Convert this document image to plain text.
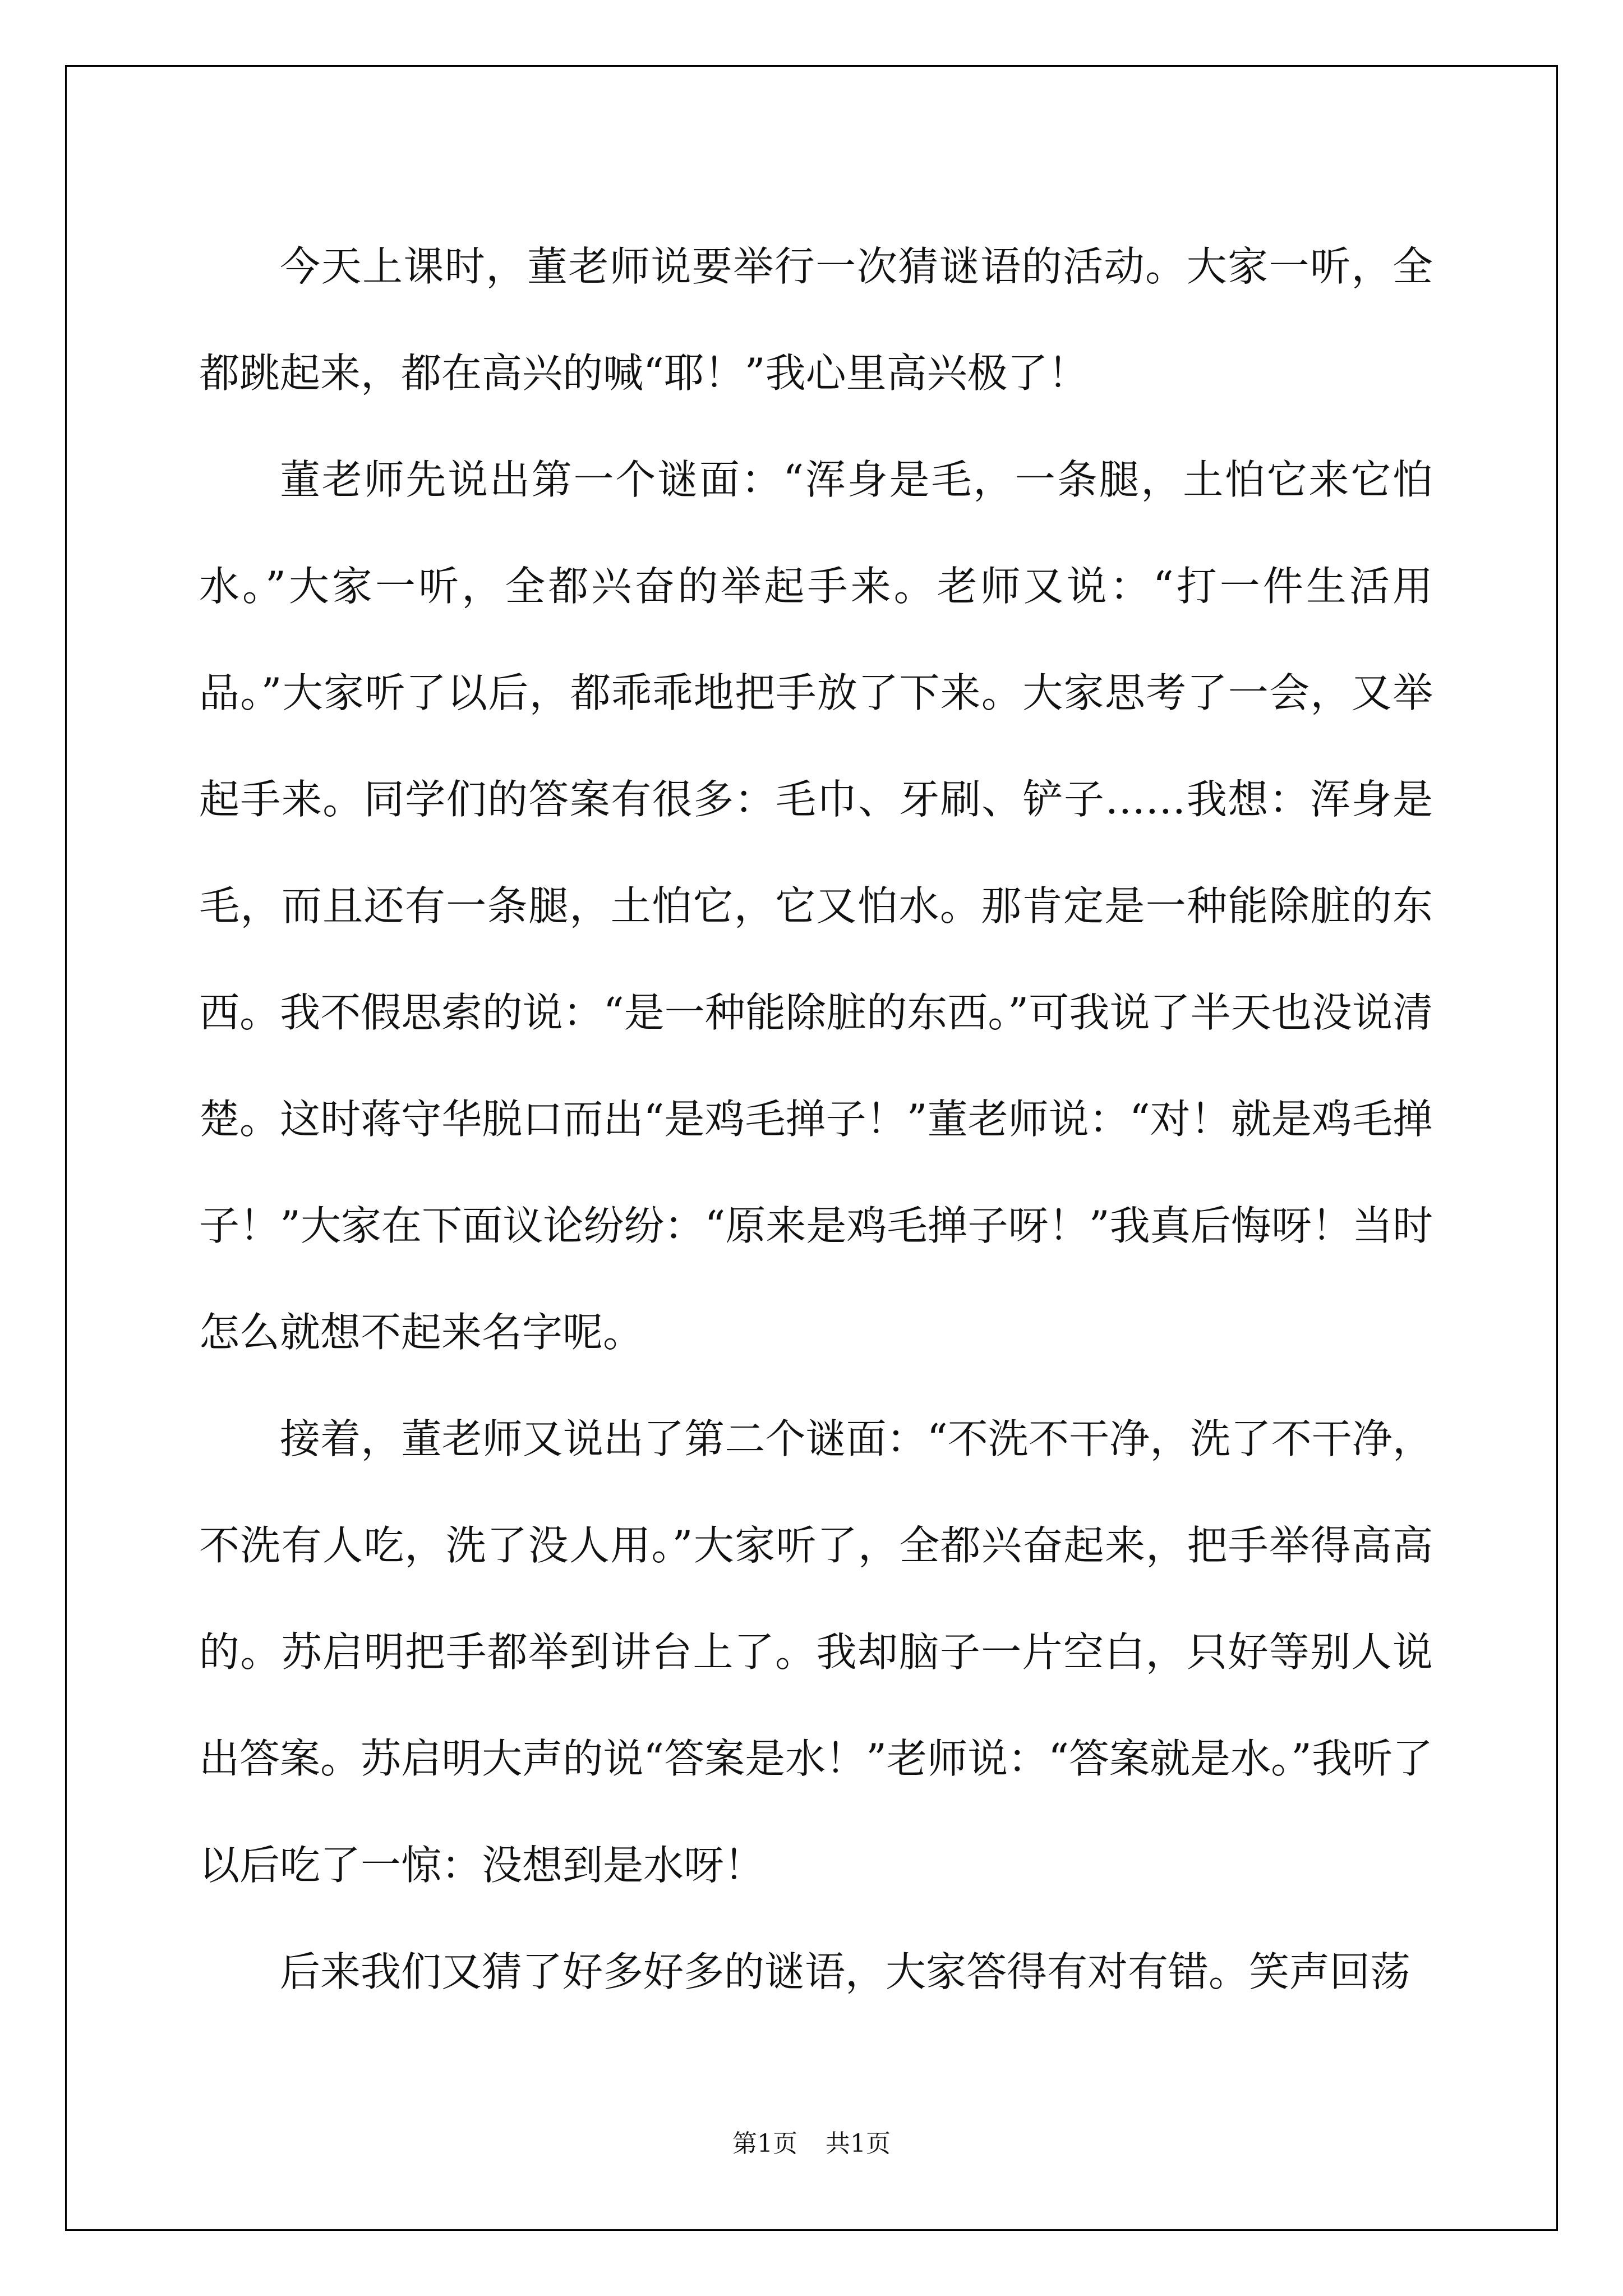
今天上课时，董老师说要举行一次猜谜语的活动。大家一听，全都跳起来，都在高兴的喊“耶！”我心里高兴极了！

董老师先说出第一个谜面：“浑身是毛，一条腿，土怕它来它怕水。”大家一听，全都兴奋的举起手来。老师又说：“打一件生活用品。”大家听了以后，都乖乖地把手放了下来。大家思考了一会，又举起手来。同学们的答案有很多：毛巾、牙刷、铲子……我想：浑身是毛，而且还有一条腿，土怕它，它又怕水。那肯定是一种能除脏的东西。我不假思索的说：“是一种能除脏的东西。”可我说了半天也没说清楚。这时蒋守华脱口而出“是鸡毛掸子！”董老师说：“对！就是鸡毛掸子！”大家在下面议论纷纷：“原来是鸡毛掸子呀！”我真后悔呀！当时怎么就想不起来名字呢。

接着，董老师又说出了第二个谜面：“不洗不干净，洗了不干净，不洗有人吃，洗了没人用。”大家听了，全都兴奋起来，把手举得高高的。苏启明把手都举到讲台上了。我却脑子一片空白，只好等别人说出答案。苏启明大声的说“答案是水！”老师说：“答案就是水。”我听了以后吃了一惊：没想到是水呀！

后来我们又猜了好多好多的谜语，大家答得有对有错。笑声回荡

第1页 共1页
